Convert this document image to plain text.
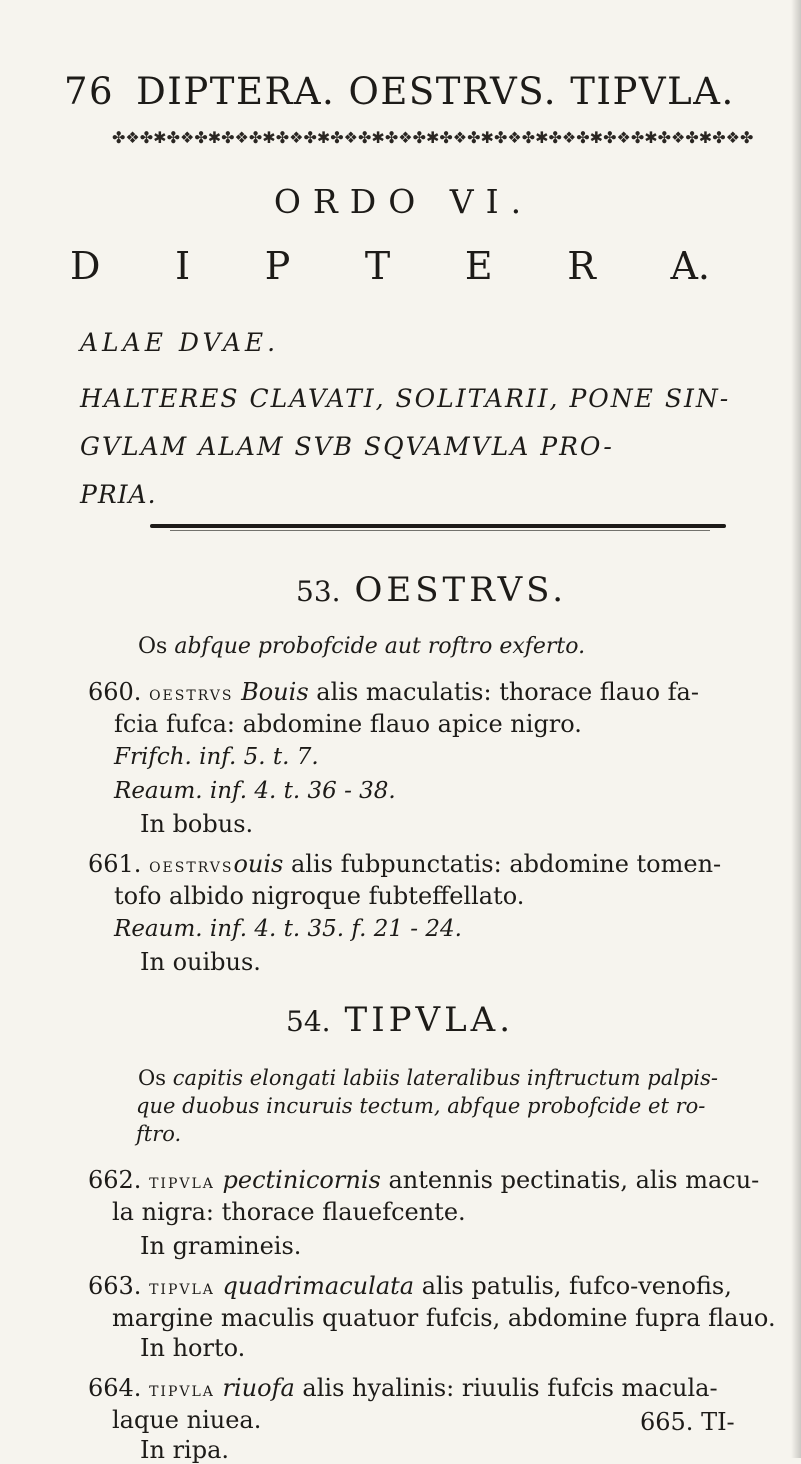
76 DIPTERA. OESTRVS. TIPVLA.
✤❖✤✱✤❖✤✱✤❖✤✱✤❖✤✱✤❖✤✱✤❖✤✱✤❖✤✱✤❖✤✱✤❖✤✱✤❖✤✱✤❖✤✱✤❖✤
ORDO VI.
D I P T E R A.
ALAE DVAE.
HALTERES CLAVATI, SOLITARII, PONE SIN-
GVLAM ALAM SVB SQVAMVLA PRO-
PRIA.
53. OESTRVS.
Os abfque probofcide aut roftro exferto.
660. oestrvs Bouis alis maculatis: thorace flauo fa-
fcia fufca: abdomine flauo apice nigro.
Frifch. inf. 5. t. 7.
Reaum. inf. 4. t. 36 - 38.
In bobus.
661. oestrvsouis alis fubpunctatis: abdomine tomen-
tofo albido nigroque fubteffellato.
Reaum. inf. 4. t. 35. f. 21 - 24.
In ouibus.
54. TIPVLA.
Os capitis elongati labiis lateralibus inftructum palpis-
que duobus incuruis tectum, abfque probofcide et ro-
ftro.
662. tipvla pectinicornis antennis pectinatis, alis macu-
la nigra: thorace flauefcente.
In gramineis.
663. tipvla quadrimaculata alis patulis, fufco-venofis,
margine maculis quatuor fufcis, abdomine fupra flauo.
In horto.
664. tipvla riuofa alis hyalinis: riuulis fufcis macula-
laque niuea.
In ripa.
665. TI-
